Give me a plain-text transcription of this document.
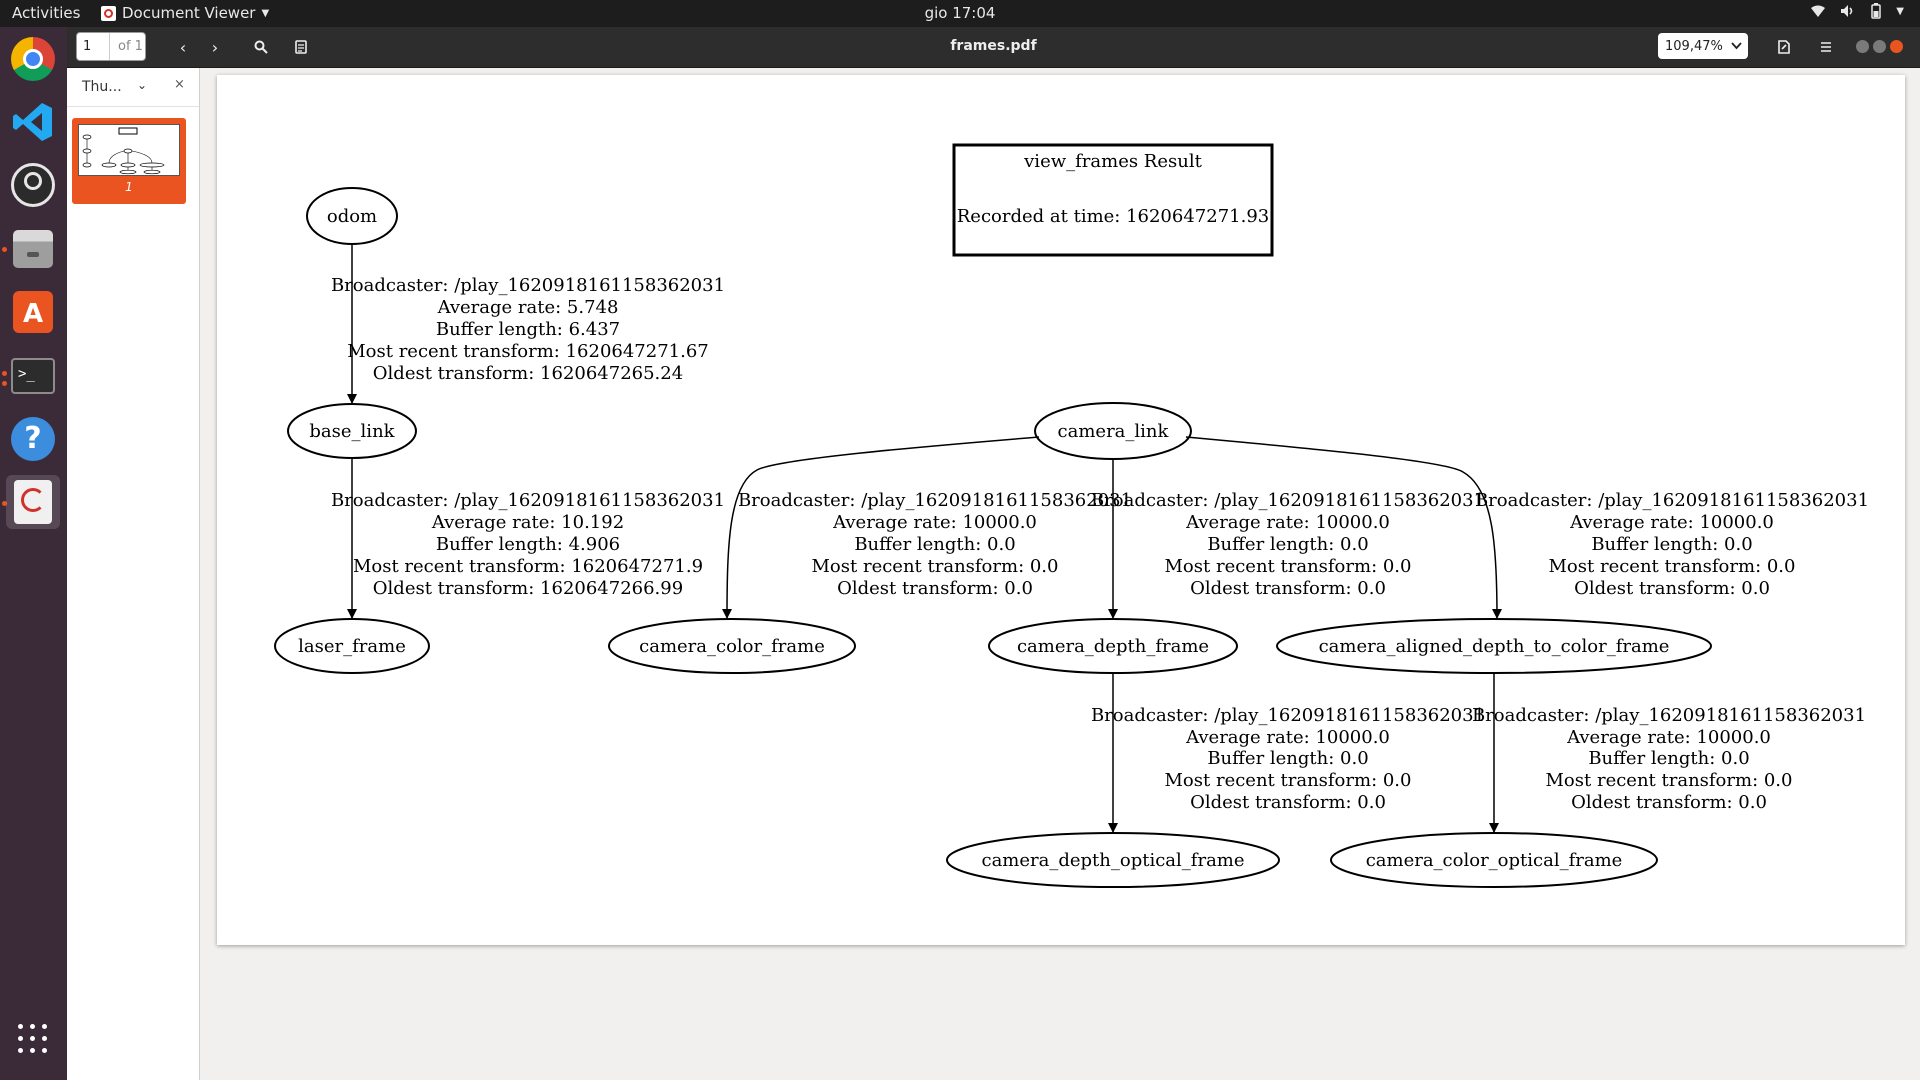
Activities	Document Viewer ▼	gio 17:04	▼
A
>_
?
1	of 1 ‹ ›	frames.pdf	109,47%
Thu... ⌄ ×
1
view_frames Result
Recorded at time: 1620647271.93
odom
base_link
laser_frame
camera_link
camera_color_frame	camera_depth_frame	camera_aligned_depth_to_color_frame
camera_depth_optical_frame	camera_color_optical_frame
Broadcaster: /play_1620918161158362031
Average rate: 5.748
Buffer length: 6.437
Most recent transform: 1620647271.67
Oldest transform: 1620647265.24
Broadcaster: /play_1620918161158362031
Average rate: 10.192
Buffer length: 4.906
Most recent transform: 1620647271.9
Oldest transform: 1620647266.99
Broadcaster: /play_1620918161158362031
Average rate: 10000.0
Buffer length: 0.0
Most recent transform: 0.0
Oldest transform: 0.0
Broadcaster: /play_1620918161158362031
Average rate: 10000.0
Buffer length: 0.0
Most recent transform: 0.0
Oldest transform: 0.0
Broadcaster: /play_1620918161158362031
Average rate: 10000.0
Buffer length: 0.0
Most recent transform: 0.0
Oldest transform: 0.0
Broadcaster: /play_1620918161158362031
Average rate: 10000.0
Buffer length: 0.0
Most recent transform: 0.0
Oldest transform: 0.0
Broadcaster: /play_1620918161158362031
Average rate: 10000.0
Buffer length: 0.0
Most recent transform: 0.0
Oldest transform: 0.0
